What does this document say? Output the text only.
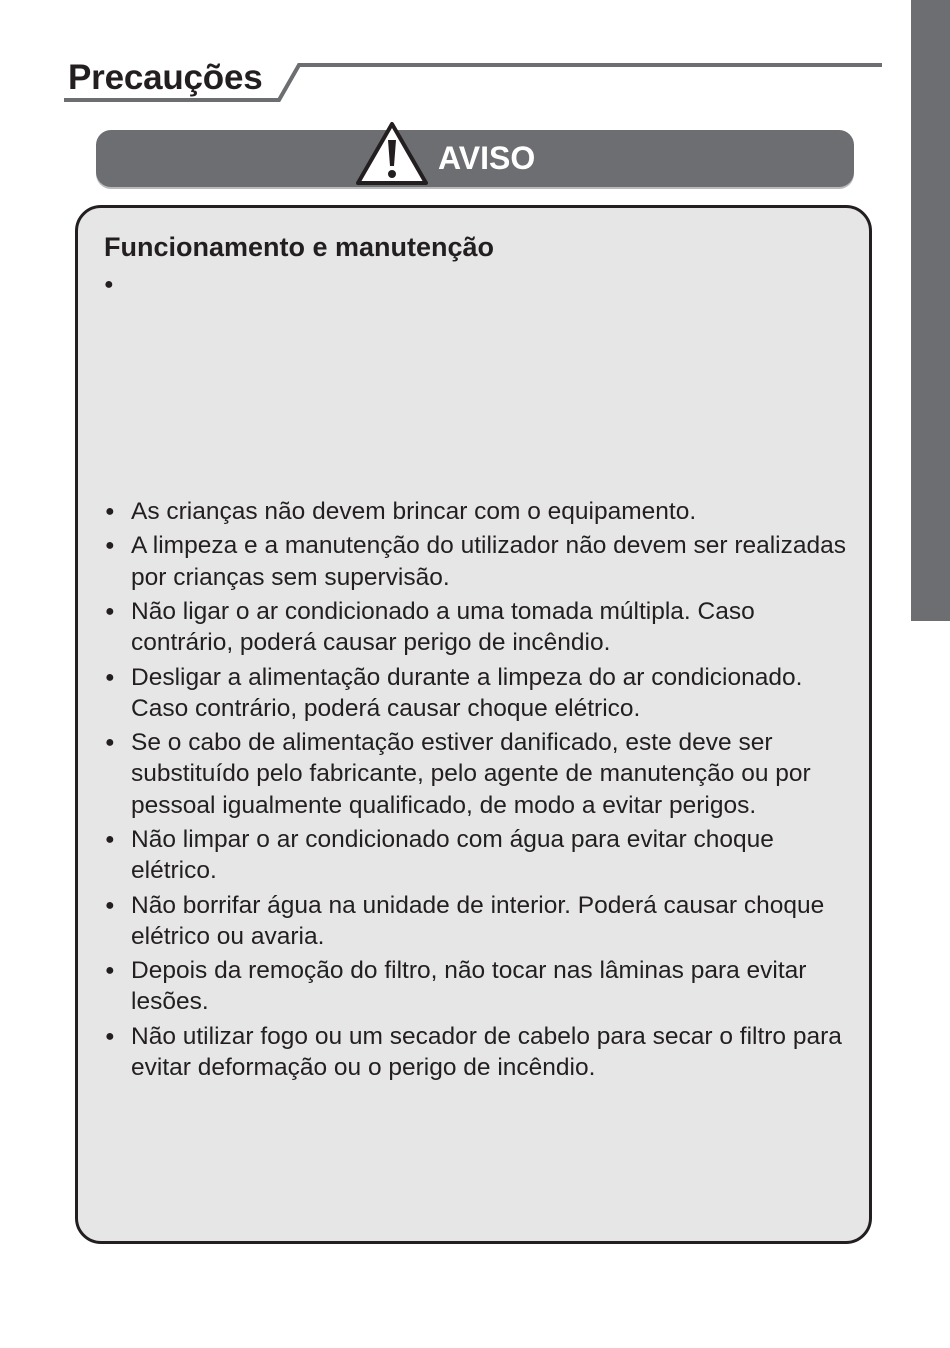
Precauções
AVISO
Funcionamento e manutenção
●
● As crianças não devem brincar com o equipamento.
● A limpeza e a manutenção do utilizador não devem ser realizadas por crianças sem supervisão.
● Não ligar o ar condicionado a uma tomada múltipla. Caso contrário, poderá causar perigo de incêndio.
● Desligar a alimentação durante a limpeza do ar condicionado. Caso contrário, poderá causar choque elétrico.
● Se o cabo de alimentação estiver danificado, este deve ser substituído pelo fabricante, pelo agente de manutenção ou por pessoal igualmente qualificado, de modo a evitar perigos.
● Não limpar o ar condicionado com água para evitar choque elétrico.
● Não borrifar água na unidade de interior. Poderá causar choque elétrico ou avaria.
● Depois da remoção do filtro, não tocar nas lâminas para evitar lesões.
● Não utilizar fogo ou um secador de cabelo para secar o filtro para evitar deformação ou o perigo de incêndio.
